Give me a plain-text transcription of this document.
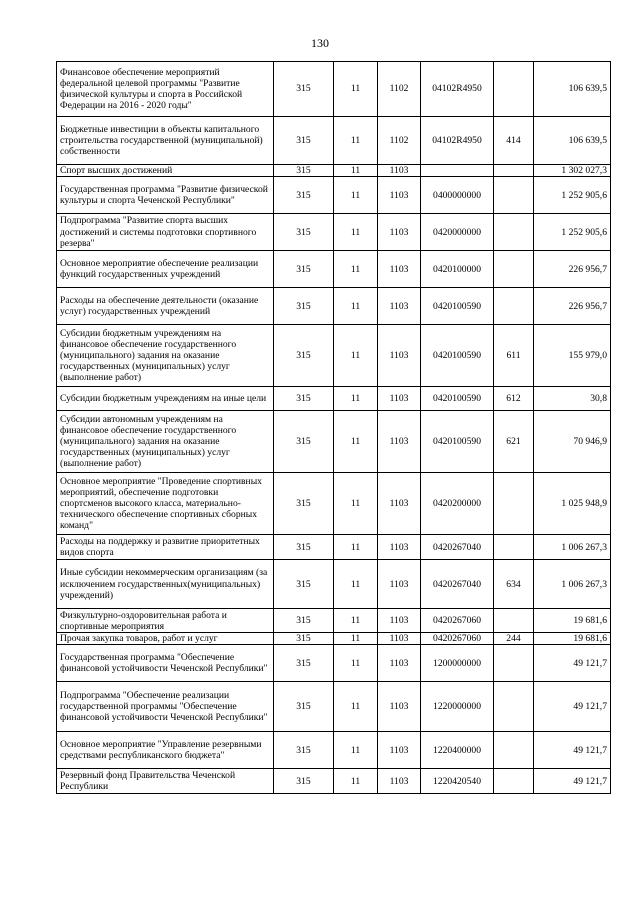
130
Финансовое обеспечение мероприятий федеральной целевой программы "Развитие физической культуры и спорта в Российской Федерации на 2016 - 2020 годы"	315	11	1102	04102R4950		106 639,5
Бюджетные инвестиции в объекты капитального строительства государственной (муниципальной) собственности	315	11	1102	04102R4950	414	106 639,5
Спорт высших достижений	315	11	1103			1 302 027,3
Государственная программа "Развитие физической культуры и спорта Чеченской Республики"	315	11	1103	0400000000		1 252 905,6
Подпрограмма "Развитие спорта высших достижений и системы подготовки спортивного резерва"	315	11	1103	0420000000		1 252 905,6
Основное мероприятие обеспечение реализации функций государственных учреждений	315	11	1103	0420100000		226 956,7
Расходы на обеспечение деятельности (оказание услуг) государственных учреждений	315	11	1103	0420100590		226 956,7
Субсидии бюджетным учреждениям на финансовое обеспечение государственного (муниципального) задания на оказание государственных (муниципальных) услуг (выполнение работ)	315	11	1103	0420100590	611	155 979,0
Субсидии бюджетным учреждениям на иные цели	315	11	1103	0420100590	612	30,8
Субсидии автономным учреждениям на финансовое обеспечение государственного (муниципального) задания на оказание государственных (муниципальных) услуг (выполнение работ)	315	11	1103	0420100590	621	70 946,9
Основное мероприятие "Проведение спортивных мероприятий, обеспечение подготовки спортсменов высокого класса, материально-технического обеспечение спортивных сборных команд"	315	11	1103	0420200000		1 025 948,9
Расходы на поддержку и развитие приоритетных видов спорта	315	11	1103	0420267040		1 006 267,3
Иные субсидии некоммерческим организациям (за исключением государственных(муниципальных) учреждений)	315	11	1103	0420267040	634	1 006 267,3
Физкультурно-оздоровительная работа и спортивные мероприятия	315	11	1103	0420267060		19 681,6
Прочая закупка товаров, работ и услуг	315	11	1103	0420267060	244	19 681,6
Государственная программа "Обеспечение финансовой устойчивости Чеченской Республики"	315	11	1103	1200000000		49 121,7
Подпрограмма "Обеспечение реализации государственной программы "Обеспечение финансовой устойчивости Чеченской Республики"	315	11	1103	1220000000		49 121,7
Основное мероприятие "Управление резервными средствами республиканского бюджета"	315	11	1103	1220400000		49 121,7
Резервный фонд Правительства Чеченской Республики	315	11	1103	1220420540		49 121,7
